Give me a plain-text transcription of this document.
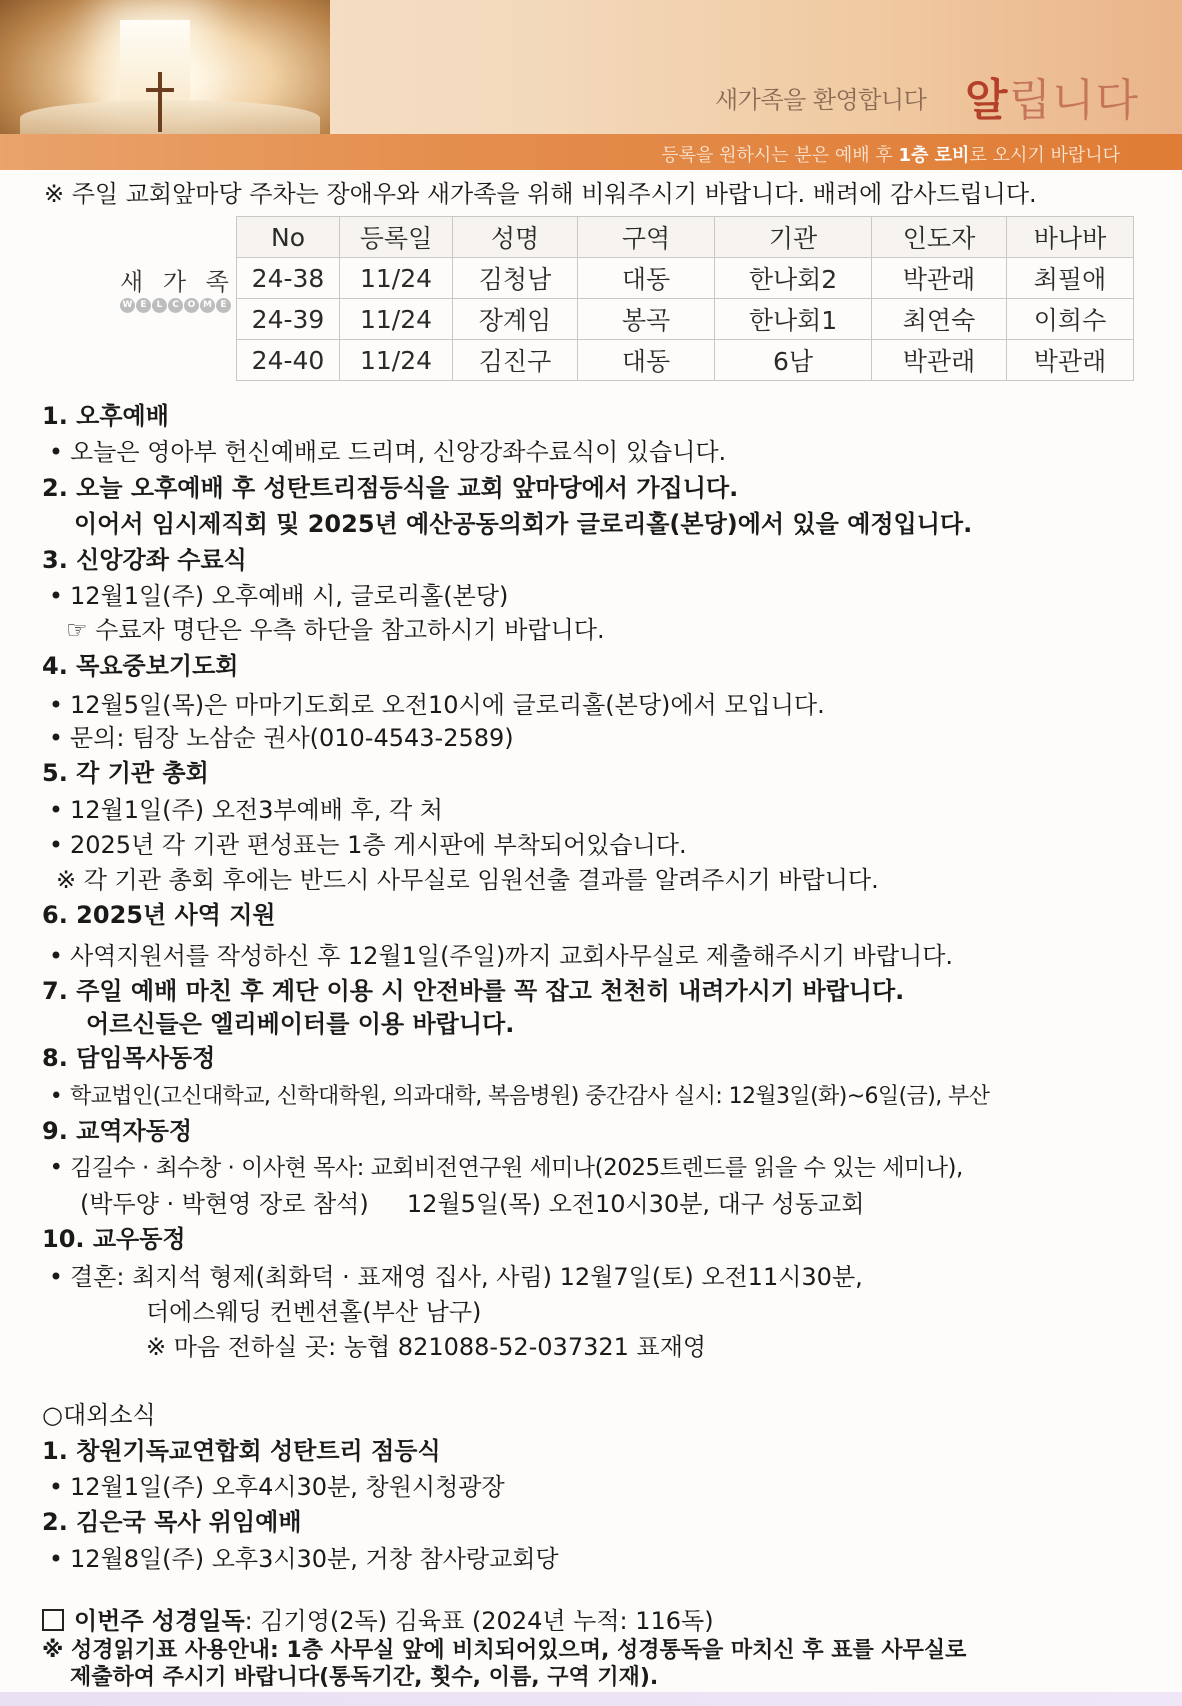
새가족을 환영합니다 알립니다
등록을 원하시는 분은 예배 후 1층 로비로 오시기 바랍니다
※ 주일 교회앞마당 주차는 장애우와 새가족을 위해 비워주시기 바랍니다. 배려에 감사드립니다.
새 가 족
W E	L	C O M E
No	등록일	성명	구역	기관	인도자	바나바
24-38	11/24	김청남	대동	한나회2	박관래	최필애
24-39	11/24	장계임	봉곡	한나회1	최연숙	이희수
24-40	11/24	김진구	대동	6남	박관래	박관래
1. 오후예배
• 오늘은 영아부 헌신예배로 드리며, 신앙강좌수료식이 있습니다.
2. 오늘 오후예배 후 성탄트리점등식을 교회 앞마당에서 가집니다.
이어서 임시제직회 및 2025년 예산공동의회가 글로리홀(본당)에서 있을 예정입니다.
3. 신앙강좌 수료식
• 12월1일(주) 오후예배 시, 글로리홀(본당)
☞ 수료자 명단은 우측 하단을 참고하시기 바랍니다.
4. 목요중보기도회
• 12월5일(목)은 마마기도회로 오전10시에 글로리홀(본당)에서 모입니다.
• 문의: 팀장 노삼순 권사(010-4543-2589)
5. 각 기관 총회
• 12월1일(주) 오전3부예배 후, 각 처
• 2025년 각 기관 편성표는 1층 게시판에 부착되어있습니다.
※ 각 기관 총회 후에는 반드시 사무실로 임원선출 결과를 알려주시기 바랍니다.
6. 2025년 사역 지원
• 사역지원서를 작성하신 후 12월1일(주일)까지 교회사무실로 제출해주시기 바랍니다.
7. 주일 예배 마친 후 계단 이용 시 안전바를 꼭 잡고 천천히 내려가시기 바랍니다.
어르신들은 엘리베이터를 이용 바랍니다.
8. 담임목사동정
• 학교법인(고신대학교, 신학대학원, 의과대학, 복음병원) 중간감사 실시: 12월3일(화)~6일(금), 부산
9. 교역자동정
• 김길수 · 최수창 · 이사현 목사: 교회비전연구원 세미나(2025트렌드를 읽을 수 있는 세미나),
(박두양 · 박현영 장로 참석)     12월5일(목) 오전10시30분, 대구 성동교회
10. 교우동정
• 결혼: 최지석 형제(최화덕 · 표재영 집사, 사림) 12월7일(토) 오전11시30분,
더에스웨딩 컨벤션홀(부산 남구)
※ 마음 전하실 곳: 농협 821088-52-037321 표재영
○대외소식
1. 창원기독교연합회 성탄트리 점등식
• 12월1일(주) 오후4시30분, 창원시청광장
2. 김은국 목사 위임예배
• 12월8일(주) 오후3시30분, 거창 참사랑교회당
이번주 성경일독: 김기영(2독) 김육표 (2024년 누적: 116독)
※ 성경읽기표 사용안내: 1층 사무실 앞에 비치되어있으며, 성경통독을 마치신 후 표를 사무실로
제출하여 주시기 바랍니다(통독기간, 횟수, 이름, 구역 기재).
